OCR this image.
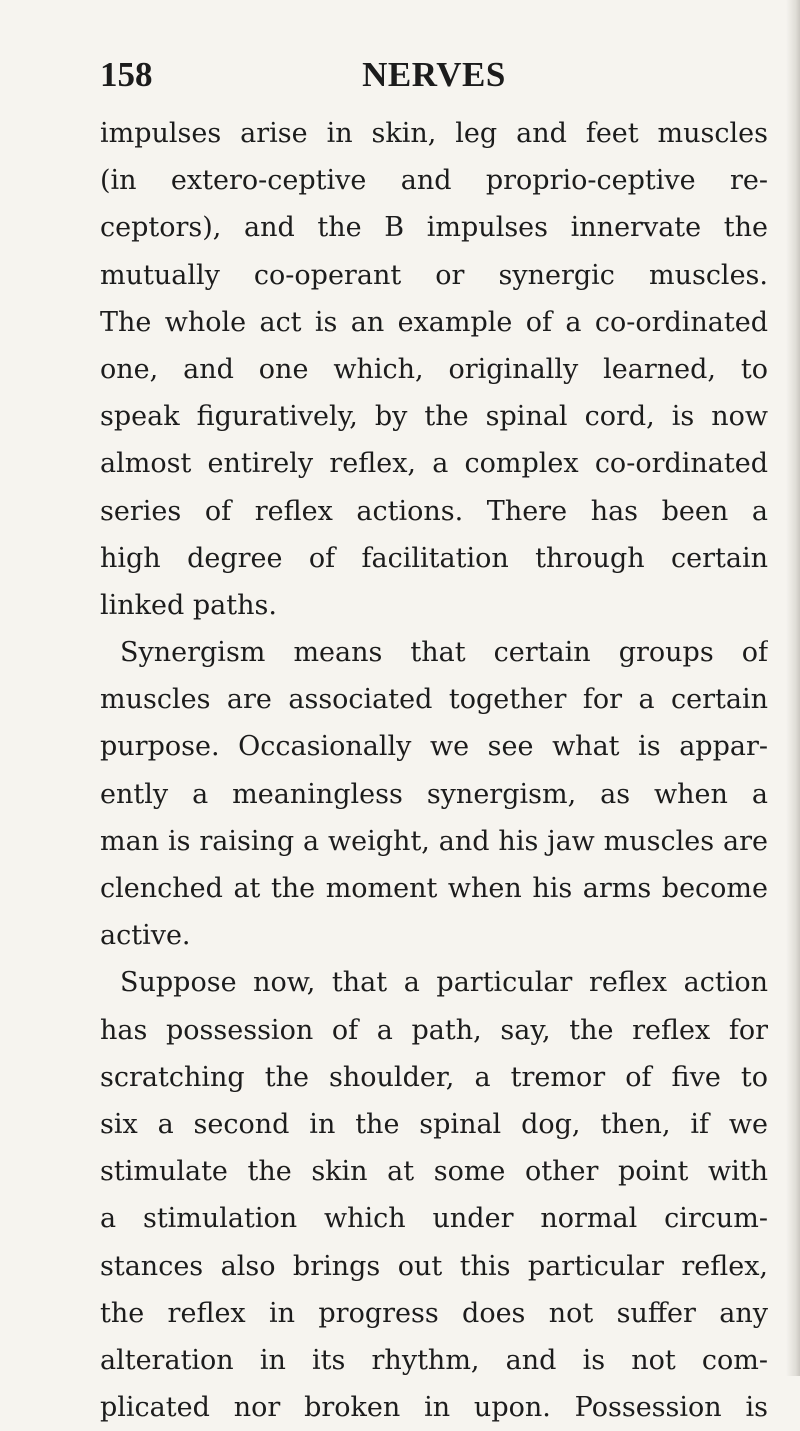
158	NERVES
impulses arise in skin, leg and feet muscles
(in extero-ceptive and proprio-ceptive re-
ceptors), and the B impulses innervate the
mutually co-operant or synergic muscles.
The whole act is an example of a co-ordinated
one, and one which, originally learned, to
speak figuratively, by the spinal cord, is now
almost entirely reflex, a complex co-ordinated
series of reflex actions. There has been a
high degree of facilitation through certain
linked paths.
Synergism means that certain groups of
muscles are associated together for a certain
purpose. Occasionally we see what is appar-
ently a meaningless synergism, as when a
man is raising a weight, and his jaw muscles are
clenched at the moment when his arms become
active.
Suppose now, that a particular reflex action
has possession of a path, say, the reflex for
scratching the shoulder, a tremor of five to
six a second in the spinal dog, then, if we
stimulate the skin at some other point with
a stimulation which under normal circum-
stances also brings out this particular reflex,
the reflex in progress does not suffer any
alteration in its rhythm, and is not com-
plicated nor broken in upon. Possession is
